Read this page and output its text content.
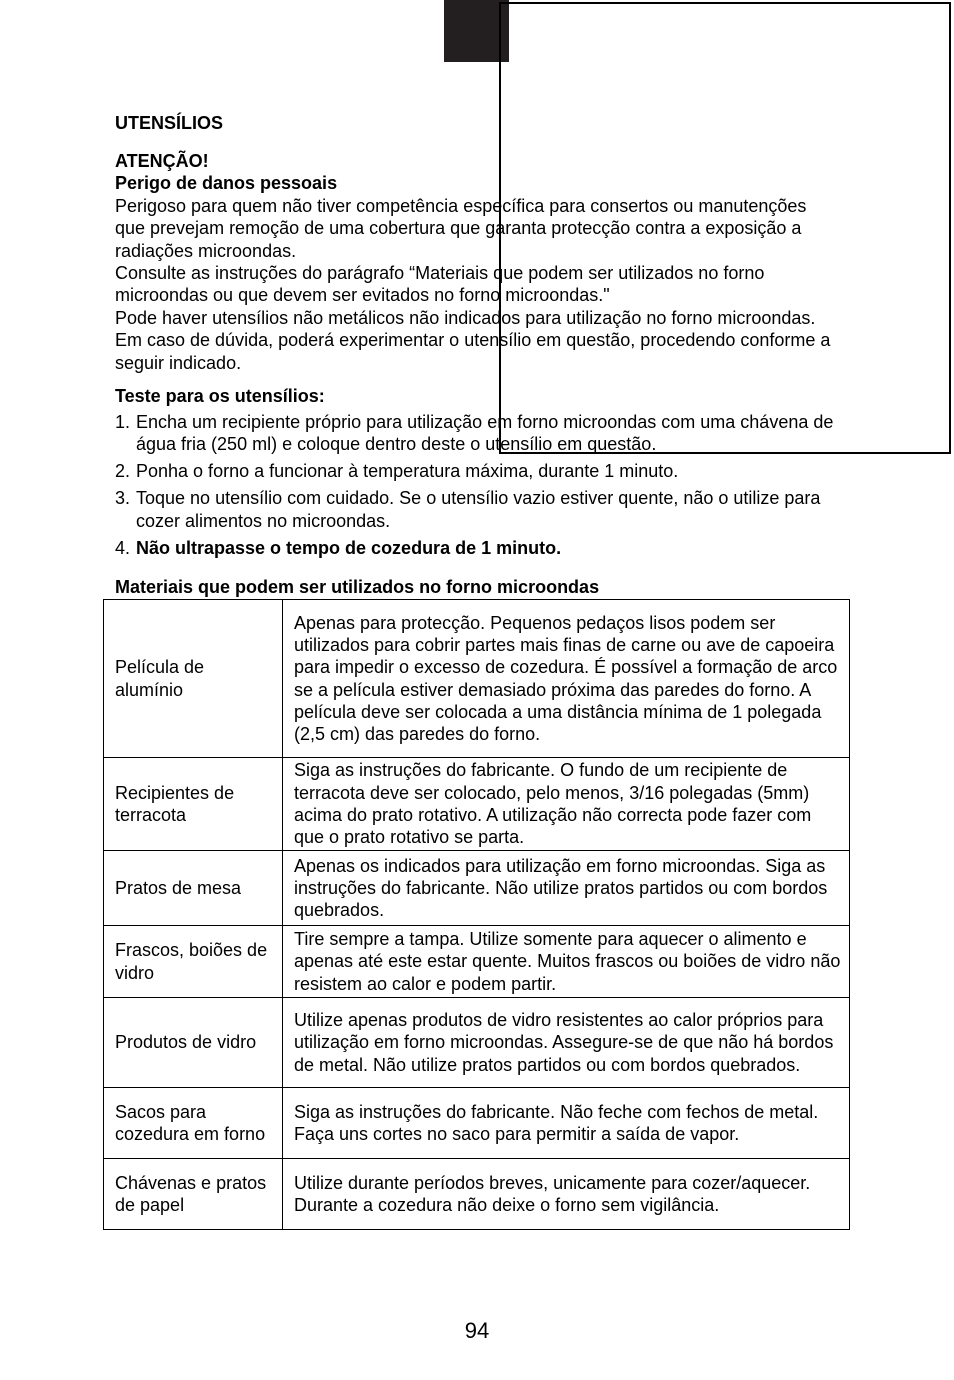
UTENSÍLIOS

ATENÇÃO!

Perigo de danos pessoais

Perigoso para quem não tiver competência específica para consertos ou manutenções que prevejam remoção de uma cobertura que garanta protecção contra a exposição a radiações microondas.

Consulte as instruções do parágrafo “Materiais que podem ser utilizados no forno microondas ou que devem ser evitados no forno microondas."

Pode haver utensílios não metálicos não indicados para utilização no forno microondas. Em caso de dúvida, poderá experimentar o utensílio em questão, procedendo conforme a seguir indicado.

Teste para os utensílios:

1. Encha um recipiente próprio para utilização em forno microondas com uma chávena de água fria (250 ml) e coloque dentro deste o utensílio em questão.
2. Ponha o forno a funcionar à temperatura máxima, durante 1 minuto.
3. Toque no utensílio com cuidado. Se o utensílio vazio estiver quente, não o utilize para cozer alimentos no microondas.
4. Não ultrapasse o tempo de cozedura de 1 minuto.

Materiais que podem ser utilizados no forno microondas

Película de alumínio	Apenas para protecção. Pequenos pedaços lisos podem ser utilizados para cobrir partes mais finas de carne ou ave de capoeira para impedir o excesso de cozedura. É possível a formação de arco se a película estiver demasiado próxima das paredes do forno. A película deve ser colocada a uma distância mínima de 1 polegada (2,5 cm) das paredes do forno.
Recipientes de terracota	Siga as instruções do fabricante. O fundo de um recipiente de terracota deve ser colocado, pelo menos, 3/16 polegadas (5mm) acima do prato rotativo. A utilização não correcta pode fazer com que o prato rotativo se parta.
Pratos de mesa	Apenas os indicados para utilização em forno microondas. Siga as instruções do fabricante. Não utilize pratos partidos ou com bordos quebrados.
Frascos, boiões de vidro	Tire sempre a tampa. Utilize somente para aquecer o alimento e apenas até este estar quente. Muitos frascos ou boiões de vidro não resistem ao calor e podem partir.
Produtos de vidro	Utilize apenas produtos de vidro resistentes ao calor próprios para utilização em forno microondas. Assegure-se de que não há bordos de metal. Não utilize pratos partidos ou com bordos quebrados.
Sacos para cozedura em forno	Siga as instruções do fabricante. Não feche com fechos de metal. Faça uns cortes no saco para permitir a saída de vapor.
Chávenas e pratos de papel	Utilize durante períodos breves, unicamente para cozer/aquecer. Durante a cozedura não deixe o forno sem vigilância.
94
